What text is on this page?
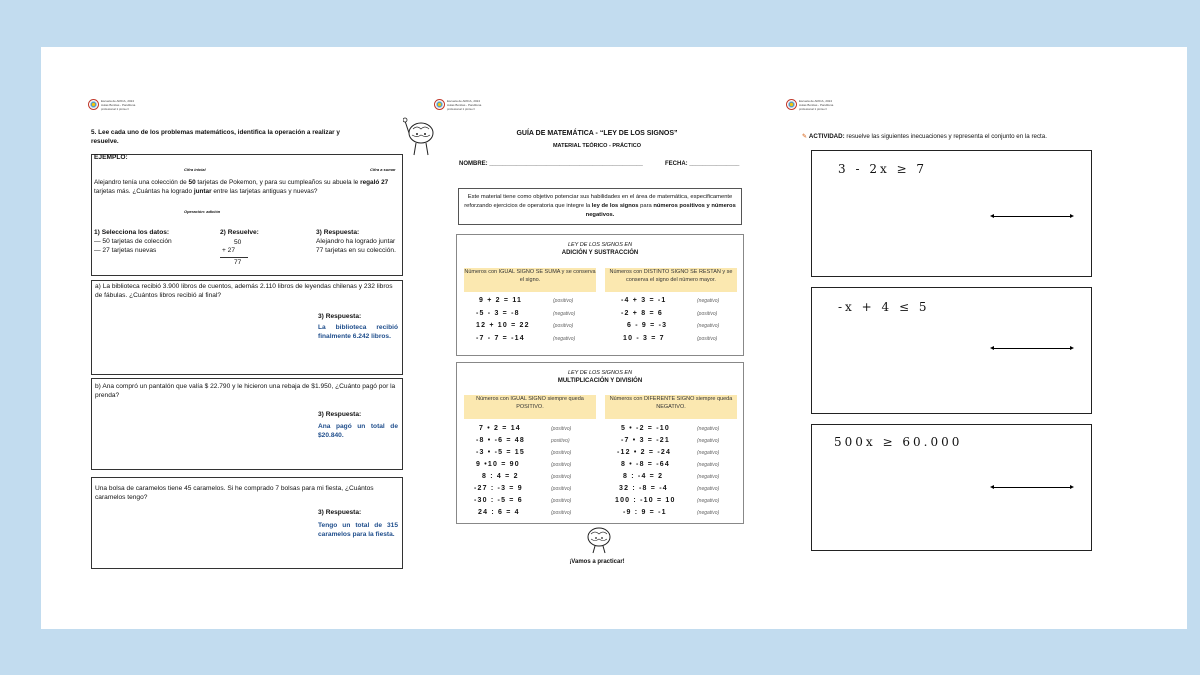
Escuela de ARICA, 2024
Aulas Bonitas - Pandiluna
profesional 1 pinta.cl
5. Lee cada uno de los problemas matemáticos, identifica la operación a realizar y resuelve.
EJEMPLO:
Cifra inicial	Cifra a sumar
Alejandro tenía una colección de 50 tarjetas de Pokemon, y para su cumpleaños su abuela le regaló 27 tarjetas más. ¿Cuántas ha logrado juntar entre las tarjetas antiguas y nuevas?
Operación: adición
1) Selecciona los datos:
— 50 tarjetas de colección
— 27 tarjetas nuevas
2) Resuelve:
50
+ 27
77
3) Respuesta:
Alejandro ha logrado juntar 77 tarjetas en su colección.
a) La biblioteca recibió 3.900 libros de cuentos, además 2.110 libros de leyendas chilenas y 232 libros de fábulas. ¿Cuántos libros recibió al final?
3) Respuesta:
La biblioteca recibió finalmente 6.242 libros.
b) Ana compró un pantalón que valía $ 22.790 y le hicieron una rebaja de $1.950, ¿Cuánto pagó por la prenda?
3) Respuesta:
Ana pagó un total de $20.840.
Una bolsa de caramelos tiene 45 caramelos. Si he comprado 7 bolsas para mi fiesta, ¿Cuántos caramelos tengo?
3) Respuesta:
Tengo un total de 315 caramelos para la fiesta.
Escuela de ARICA, 2024
Aulas Bonitas - Pandiluna
profesional 1 pinta.cl
GUÍA DE MATEMÁTICA - “LEY DE LOS SIGNOS”
MATERIAL TEÓRICO - PRÁCTICO
NOMBRE: ______________________________________________	FECHA: _______________
Este material tiene como objetivo potenciar sus habilidades en el área de matemática, especificamente reforzando ejercicios de operatoria que integre la ley de los signos para números positivos y números negativos.
LEY DE LOS SIGNOS EN
ADICIÓN Y SUSTRACCIÓN
Números con IGUAL SIGNO SE SUMA y se conserva el signo.
Números con DISTINTO SIGNO SE RESTAN y se conserva el signo del número mayor.
9 + 2 = 11	(positivo)
-5 - 3 = -8	(negativo)
12 + 10 = 22	(positivo)
-7 - 7 = -14	(negativo)
-4 + 3 = -1	(negativo)
-2 + 8 = 6	(positivo)
6 - 9 = -3	(negativo)
10 - 3 = 7	(positivo)
LEY DE LOS SIGNOS EN
MULTIPLICACIÓN Y DIVISIÓN
Números con IGUAL SIGNO siempre queda POSITIVO.
Números con DIFERENTE SIGNO siempre queda NEGATIVO.
7 • 2 = 14	(positivo)
-8 • -6 = 48	positivo)
-3 • -5 = 15	(positivo)
9 •10 = 90	(positivo)
8 : 4 = 2	(positivo)
-27 : -3 = 9	(positivo)
-30 : -5 = 6	(positivo)
24 : 6 = 4	(positivo)
5 • -2 = -10	(negativo)
-7 • 3 = -21	(negativo)
-12 • 2 = -24	(negativo)
8 • -8 = -64	(negativo)
8 : -4 = 2	(negativo)
32 : -8 = -4	(negativo)
100 : -10 = 10	(negativo)
-9 : 9 = -1	(negativo)
¡Vamos a practicar!
Escuela de ARICA, 2024
Aulas Bonitas - Pandiluna
profesional 1 pinta.cl
✎ ACTIVIDAD: resuelve las siguientes inecuaciones y representa el conjunto en la recta.
3 - 2x ≥ 7
-x + 4 ≤ 5
500x ≥ 60.000
